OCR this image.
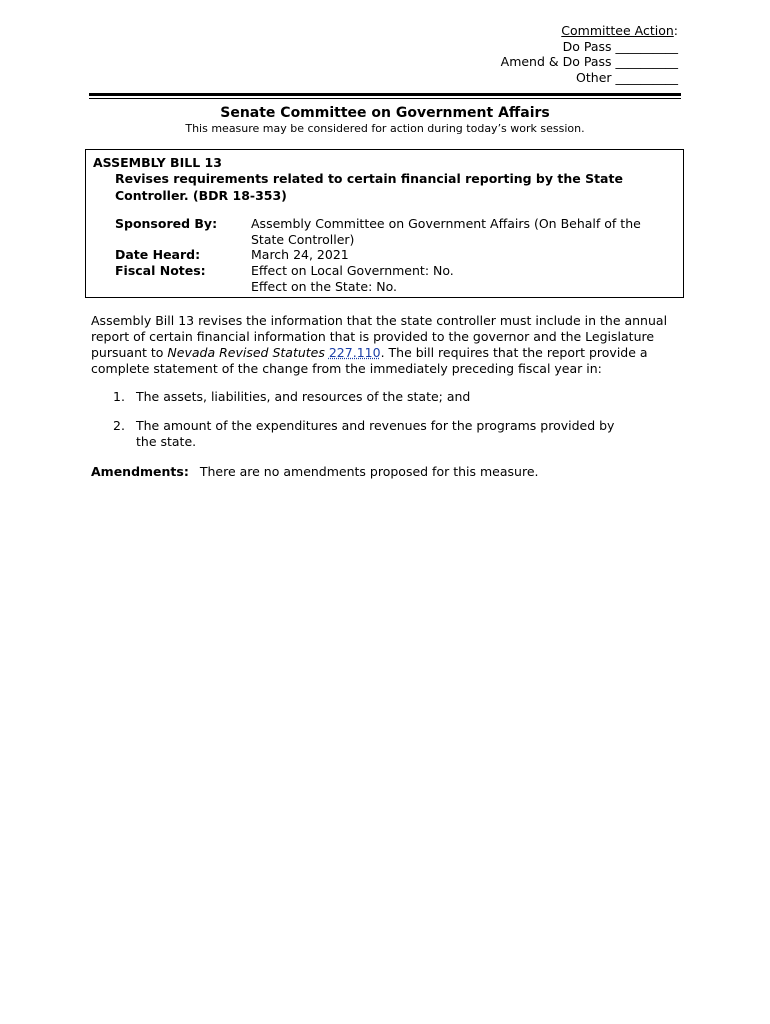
Committee Action:
Do Pass __________
Amend & Do Pass __________
Other __________
Senate Committee on Government Affairs
This measure may be considered for action during today’s work session.
ASSEMBLY BILL 13
Revises requirements related to certain financial reporting by the State Controller. (BDR 18-353)
Sponsored By:	Assembly Committee on Government Affairs (On Behalf of the State Controller)
Date Heard:	March 24, 2021
Fiscal Notes:	Effect on Local Government: No.
Effect on the State: No.
Assembly Bill 13 revises the information that the state controller must include in the annual report of certain financial information that is provided to the governor and the Legislature pursuant to Nevada Revised Statutes 227.110. The bill requires that the report provide a complete statement of the change from the immediately preceding fiscal year in:
1. The assets, liabilities, and resources of the state; and
2. The amount of the expenditures and revenues for the programs provided by the state.
Amendments: There are no amendments proposed for this measure.
